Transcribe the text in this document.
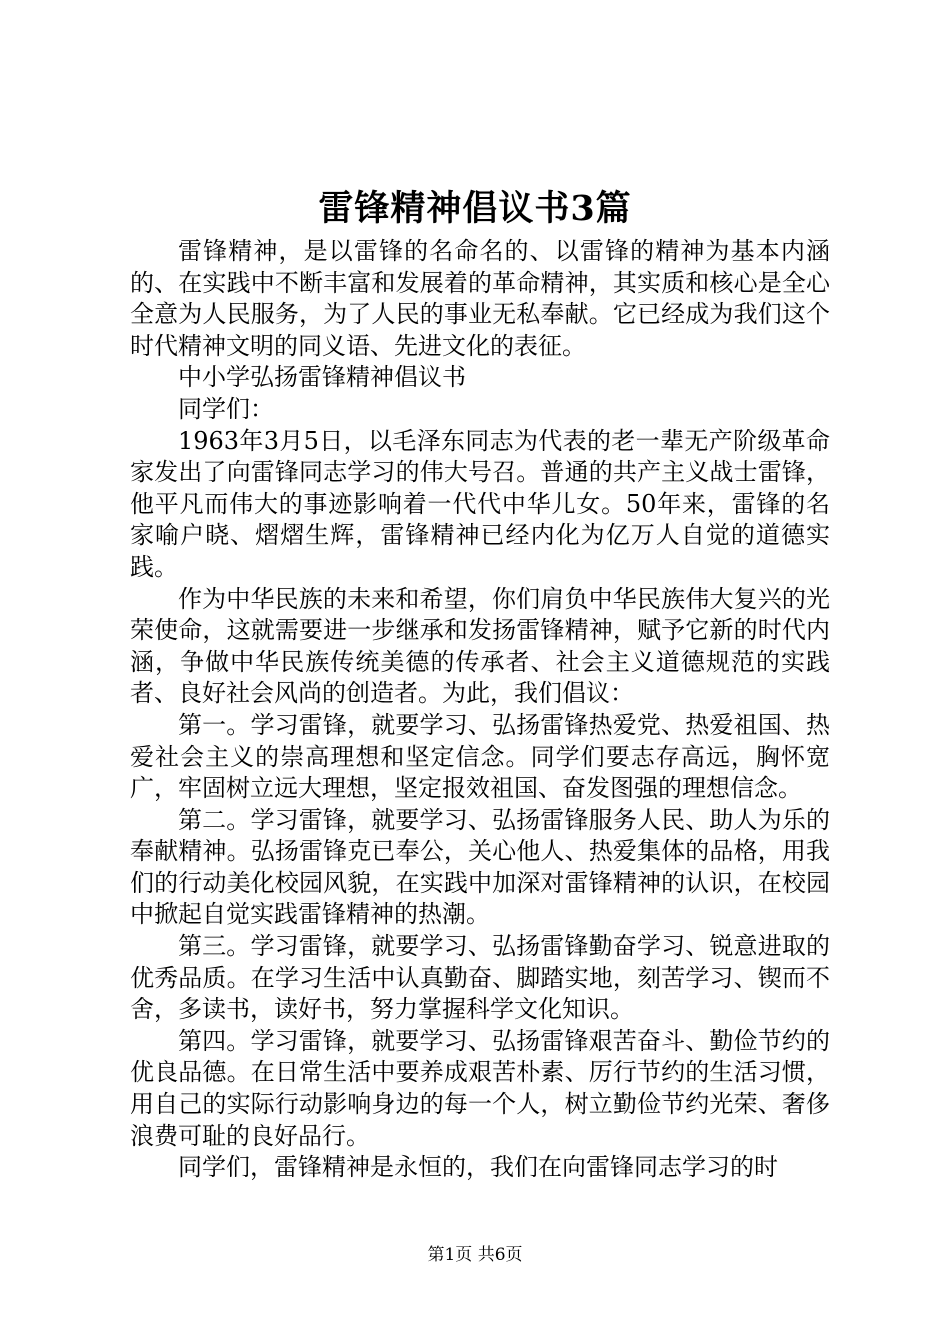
雷锋精神倡议书3篇

雷锋精神，是以雷锋的名命名的、以雷锋的精神为基本内涵的、在实践中不断丰富和发展着的革命精神，其实质和核心是全心全意为人民服务，为了人民的事业无私奉献。它已经成为我们这个时代精神文明的同义语、先进文化的表征。

中小学弘扬雷锋精神倡议书

同学们：

1963年3月5日，以毛泽东同志为代表的老一辈无产阶级革命家发出了向雷锋同志学习的伟大号召。普通的共产主义战士雷锋，他平凡而伟大的事迹影响着一代代中华儿女。50年来，雷锋的名家喻户晓、熠熠生辉，雷锋精神已经内化为亿万人自觉的道德实践。

作为中华民族的未来和希望，你们肩负中华民族伟大复兴的光荣使命，这就需要进一步继承和发扬雷锋精神，赋予它新的时代内涵，争做中华民族传统美德的传承者、社会主义道德规范的实践者、良好社会风尚的创造者。为此，我们倡议：

第一。学习雷锋，就要学习、弘扬雷锋热爱党、热爱祖国、热爱社会主义的崇高理想和坚定信念。同学们要志存高远，胸怀宽广，牢固树立远大理想，坚定报效祖国、奋发图强的理想信念。

第二。学习雷锋，就要学习、弘扬雷锋服务人民、助人为乐的奉献精神。弘扬雷锋克已奉公，关心他人、热爱集体的品格，用我们的行动美化校园风貌，在实践中加深对雷锋精神的认识，在校园中掀起自觉实践雷锋精神的热潮。

第三。学习雷锋，就要学习、弘扬雷锋勤奋学习、锐意进取的优秀品质。在学习生活中认真勤奋、脚踏实地，刻苦学习、锲而不舍，多读书，读好书，努力掌握科学文化知识。

第四。学习雷锋，就要学习、弘扬雷锋艰苦奋斗、勤俭节约的优良品德。在日常生活中要养成艰苦朴素、厉行节约的生活习惯，用自己的实际行动影响身边的每一个人，树立勤俭节约光荣、奢侈浪费可耻的良好品行。

同学们，雷锋精神是永恒的，我们在向雷锋同志学习的时

第1页 共6页
